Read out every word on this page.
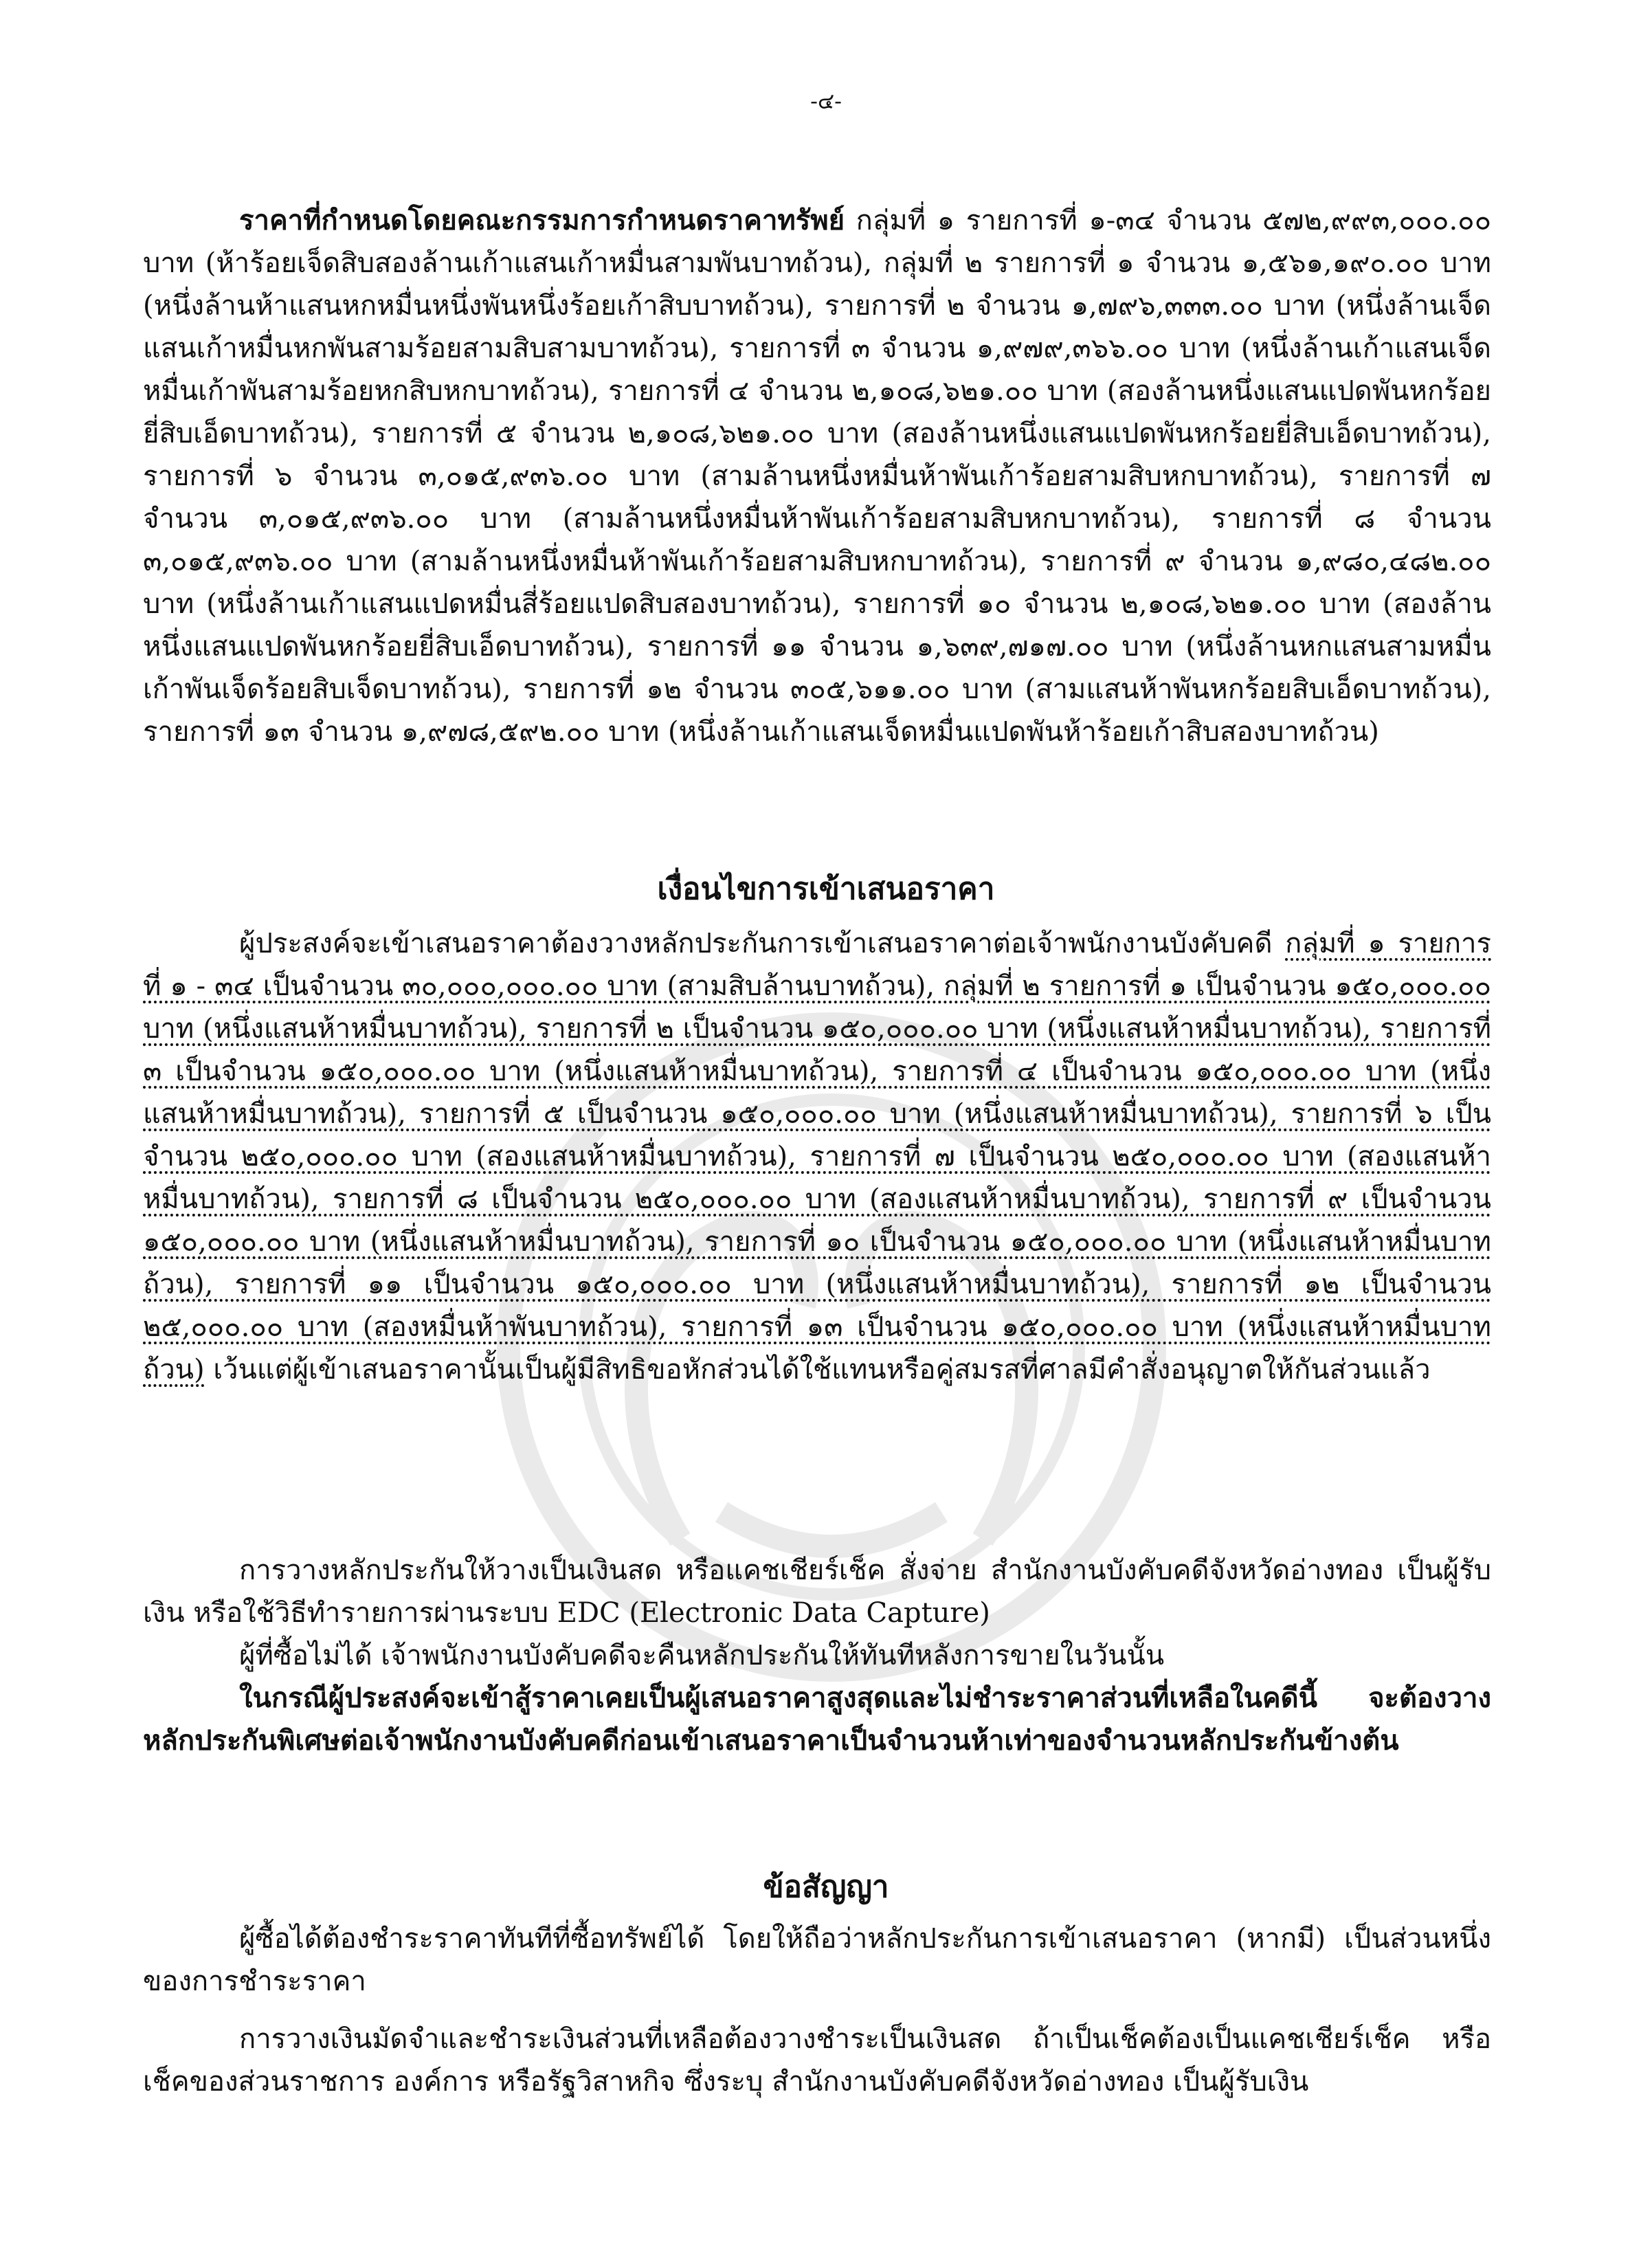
-๔-

ราคาที่กำหนดโดยคณะกรรมการกำหนดราคาทรัพย์ กลุ่มที่ ๑ รายการที่ ๑-๓๔ จำนวน ๕๗๒,๙๙๓,๐๐๐.๐๐ บาท (ห้าร้อยเจ็ดสิบสองล้านเก้าแสนเก้าหมื่นสามพันบาทถ้วน), กลุ่มที่ ๒ รายการที่ ๑ จำนวน ๑,๕๖๑,๑๙๐.๐๐ บาท (หนึ่งล้านห้าแสนหกหมื่นหนึ่งพันหนึ่งร้อยเก้าสิบบาทถ้วน), รายการที่ ๒ จำนวน ๑,๗๙๖,๓๓๓.๐๐ บาท (หนึ่งล้านเจ็ดแสนเก้าหมื่นหกพันสามร้อยสามสิบสามบาทถ้วน), รายการที่ ๓ จำนวน ๑,๙๗๙,๓๖๖.๐๐ บาท (หนึ่งล้านเก้าแสนเจ็ดหมื่นเก้าพันสามร้อยหกสิบหกบาทถ้วน), รายการที่ ๔ จำนวน ๒,๑๐๘,๖๒๑.๐๐ บาท (สองล้านหนึ่งแสนแปดพันหกร้อยยี่สิบเอ็ดบาทถ้วน), รายการที่ ๕ จำนวน ๒,๑๐๘,๖๒๑.๐๐ บาท (สองล้านหนึ่งแสนแปดพันหกร้อยยี่สิบเอ็ดบาทถ้วน), รายการที่ ๖ จำนวน ๓,๐๑๕,๙๓๖.๐๐ บาท (สามล้านหนึ่งหมื่นห้าพันเก้าร้อยสามสิบหกบาทถ้วน), รายการที่ ๗ จำนวน ๓,๐๑๕,๙๓๖.๐๐ บาท (สามล้านหนึ่งหมื่นห้าพันเก้าร้อยสามสิบหกบาทถ้วน), รายการที่ ๘ จำนวน ๓,๐๑๕,๙๓๖.๐๐ บาท (สามล้านหนึ่งหมื่นห้าพันเก้าร้อยสามสิบหกบาทถ้วน), รายการที่ ๙ จำนวน ๑,๙๘๐,๔๘๒.๐๐ บาท (หนึ่งล้านเก้าแสนแปดหมื่นสี่ร้อยแปดสิบสองบาทถ้วน), รายการที่ ๑๐ จำนวน ๒,๑๐๘,๖๒๑.๐๐ บาท (สองล้านหนึ่งแสนแปดพันหกร้อยยี่สิบเอ็ดบาทถ้วน), รายการที่ ๑๑ จำนวน ๑,๖๓๙,๗๑๗.๐๐ บาท (หนึ่งล้านหกแสนสามหมื่นเก้าพันเจ็ดร้อยสิบเจ็ดบาทถ้วน), รายการที่ ๑๒ จำนวน ๓๐๕,๖๑๑.๐๐ บาท (สามแสนห้าพันหกร้อยสิบเอ็ดบาทถ้วน), รายการที่ ๑๓ จำนวน ๑,๙๗๘,๕๙๒.๐๐ บาท (หนึ่งล้านเก้าแสนเจ็ดหมื่นแปดพันห้าร้อยเก้าสิบสองบาทถ้วน)

เงื่อนไขการเข้าเสนอราคา

ผู้ประสงค์จะเข้าเสนอราคาต้องวางหลักประกันการเข้าเสนอราคาต่อเจ้าพนักงานบังคับคดี กลุ่มที่ ๑ รายการที่ ๑ - ๓๔ เป็นจำนวน ๓๐,๐๐๐,๐๐๐.๐๐ บาท (สามสิบล้านบาทถ้วน), กลุ่มที่ ๒ รายการที่ ๑ เป็นจำนวน ๑๕๐,๐๐๐.๐๐ บาท (หนึ่งแสนห้าหมื่นบาทถ้วน), รายการที่ ๒ เป็นจำนวน ๑๕๐,๐๐๐.๐๐ บาท (หนึ่งแสนห้าหมื่นบาทถ้วน), รายการที่ ๓ เป็นจำนวน ๑๕๐,๐๐๐.๐๐ บาท (หนึ่งแสนห้าหมื่นบาทถ้วน), รายการที่ ๔ เป็นจำนวน ๑๕๐,๐๐๐.๐๐ บาท (หนึ่งแสนห้าหมื่นบาทถ้วน), รายการที่ ๕ เป็นจำนวน ๑๕๐,๐๐๐.๐๐ บาท (หนึ่งแสนห้าหมื่นบาทถ้วน), รายการที่ ๖ เป็นจำนวน ๒๕๐,๐๐๐.๐๐ บาท (สองแสนห้าหมื่นบาทถ้วน), รายการที่ ๗ เป็นจำนวน ๒๕๐,๐๐๐.๐๐ บาท (สองแสนห้าหมื่นบาทถ้วน), รายการที่ ๘ เป็นจำนวน ๒๕๐,๐๐๐.๐๐ บาท (สองแสนห้าหมื่นบาทถ้วน), รายการที่ ๙ เป็นจำนวน ๑๕๐,๐๐๐.๐๐ บาท (หนึ่งแสนห้าหมื่นบาทถ้วน), รายการที่ ๑๐ เป็นจำนวน ๑๕๐,๐๐๐.๐๐ บาท (หนึ่งแสนห้าหมื่นบาทถ้วน), รายการที่ ๑๑ เป็นจำนวน ๑๕๐,๐๐๐.๐๐ บาท (หนึ่งแสนห้าหมื่นบาทถ้วน), รายการที่ ๑๒ เป็นจำนวน ๒๕,๐๐๐.๐๐ บาท (สองหมื่นห้าพันบาทถ้วน), รายการที่ ๑๓ เป็นจำนวน ๑๕๐,๐๐๐.๐๐ บาท (หนึ่งแสนห้าหมื่นบาทถ้วน) เว้นแต่ผู้เข้าเสนอราคานั้นเป็นผู้มีสิทธิขอหักส่วนได้ใช้แทนหรือคู่สมรสที่ศาลมีคำสั่งอนุญาตให้กันส่วนแล้ว

การวางหลักประกันให้วางเป็นเงินสด หรือแคชเชียร์เช็ค สั่งจ่าย สำนักงานบังคับคดีจังหวัดอ่างทอง เป็นผู้รับเงิน หรือใช้วิธีทำรายการผ่านระบบ EDC (Electronic Data Capture)

ผู้ที่ซื้อไม่ได้ เจ้าพนักงานบังคับคดีจะคืนหลักประกันให้ทันทีหลังการขายในวันนั้น

ในกรณีผู้ประสงค์จะเข้าสู้ราคาเคยเป็นผู้เสนอราคาสูงสุดและไม่ชำระราคาส่วนที่เหลือในคดีนี้ จะต้องวางหลักประกันพิเศษต่อเจ้าพนักงานบังคับคดีก่อนเข้าเสนอราคาเป็นจำนวนห้าเท่าของจำนวนหลักประกันข้างต้น

ข้อสัญญา

ผู้ซื้อได้ต้องชำระราคาทันทีที่ซื้อทรัพย์ได้ โดยให้ถือว่าหลักประกันการเข้าเสนอราคา (หากมี) เป็นส่วนหนึ่งของการชำระราคา

การวางเงินมัดจำและชำระเงินส่วนที่เหลือต้องวางชำระเป็นเงินสด ถ้าเป็นเช็คต้องเป็นแคชเชียร์เช็ค หรือเช็คของส่วนราชการ องค์การ หรือรัฐวิสาหกิจ ซึ่งระบุ สำนักงานบังคับคดีจังหวัดอ่างทอง เป็นผู้รับเงิน
